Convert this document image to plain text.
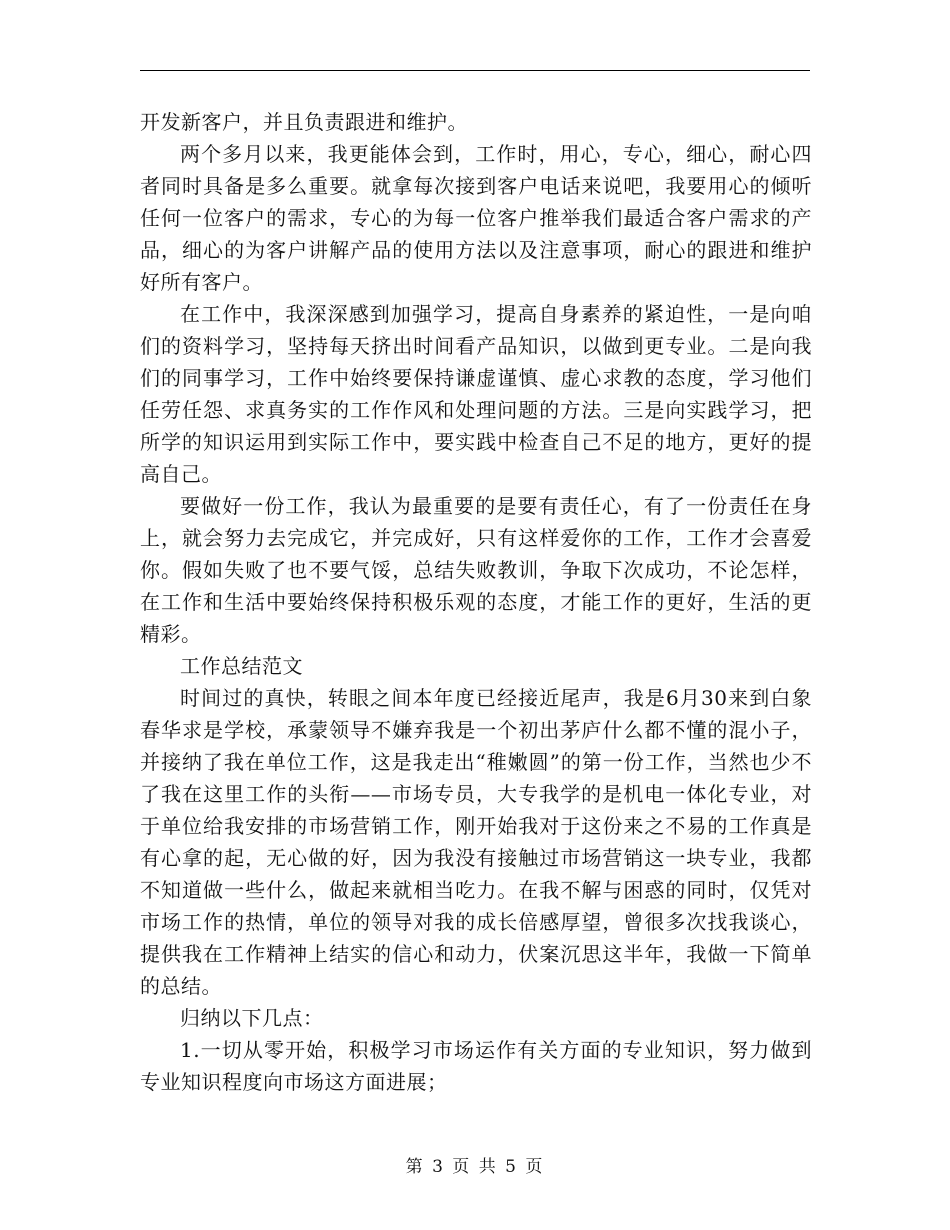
开发新客户，并且负责跟进和维护。

两个多月以来，我更能体会到，工作时，用心，专心，细心，耐心四者同时具备是多么重要。就拿每次接到客户电话来说吧，我要用心的倾听任何一位客户的需求，专心的为每一位客户推举我们最适合客户需求的产品，细心的为客户讲解产品的使用方法以及注意事项，耐心的跟进和维护好所有客户。

在工作中，我深深感到加强学习，提高自身素养的紧迫性，一是向咱们的资料学习，坚持每天挤出时间看产品知识，以做到更专业。二是向我们的同事学习，工作中始终要保持谦虚谨慎、虚心求教的态度，学习他们任劳任怨、求真务实的工作作风和处理问题的方法。三是向实践学习，把所学的知识运用到实际工作中，要实践中检查自己不足的地方，更好的提高自己。

要做好一份工作，我认为最重要的是要有责任心，有了一份责任在身上，就会努力去完成它，并完成好，只有这样爱你的工作，工作才会喜爱你。假如失败了也不要气馁，总结失败教训，争取下次成功，不论怎样，在工作和生活中要始终保持积极乐观的态度，才能工作的更好，生活的更精彩。

工作总结范文

时间过的真快，转眼之间本年度已经接近尾声，我是6月30来到白象春华求是学校，承蒙领导不嫌弃我是一个初出茅庐什么都不懂的混小子，并接纳了我在单位工作，这是我走出“稚嫩圆”的第一份工作，当然也少不了我在这里工作的头衔——市场专员，大专我学的是机电一体化专业，对于单位给我安排的市场营销工作，刚开始我对于这份来之不易的工作真是有心拿的起，无心做的好，因为我没有接触过市场营销这一块专业，我都不知道做一些什么，做起来就相当吃力。在我不解与困惑的同时，仅凭对市场工作的热情，单位的领导对我的成长倍感厚望，曾很多次找我谈心，提供我在工作精神上结实的信心和动力，伏案沉思这半年，我做一下简单的总结。

归纳以下几点：

1.一切从零开始，积极学习市场运作有关方面的专业知识，努力做到专业知识程度向市场这方面进展；

第 3 页 共 5 页
